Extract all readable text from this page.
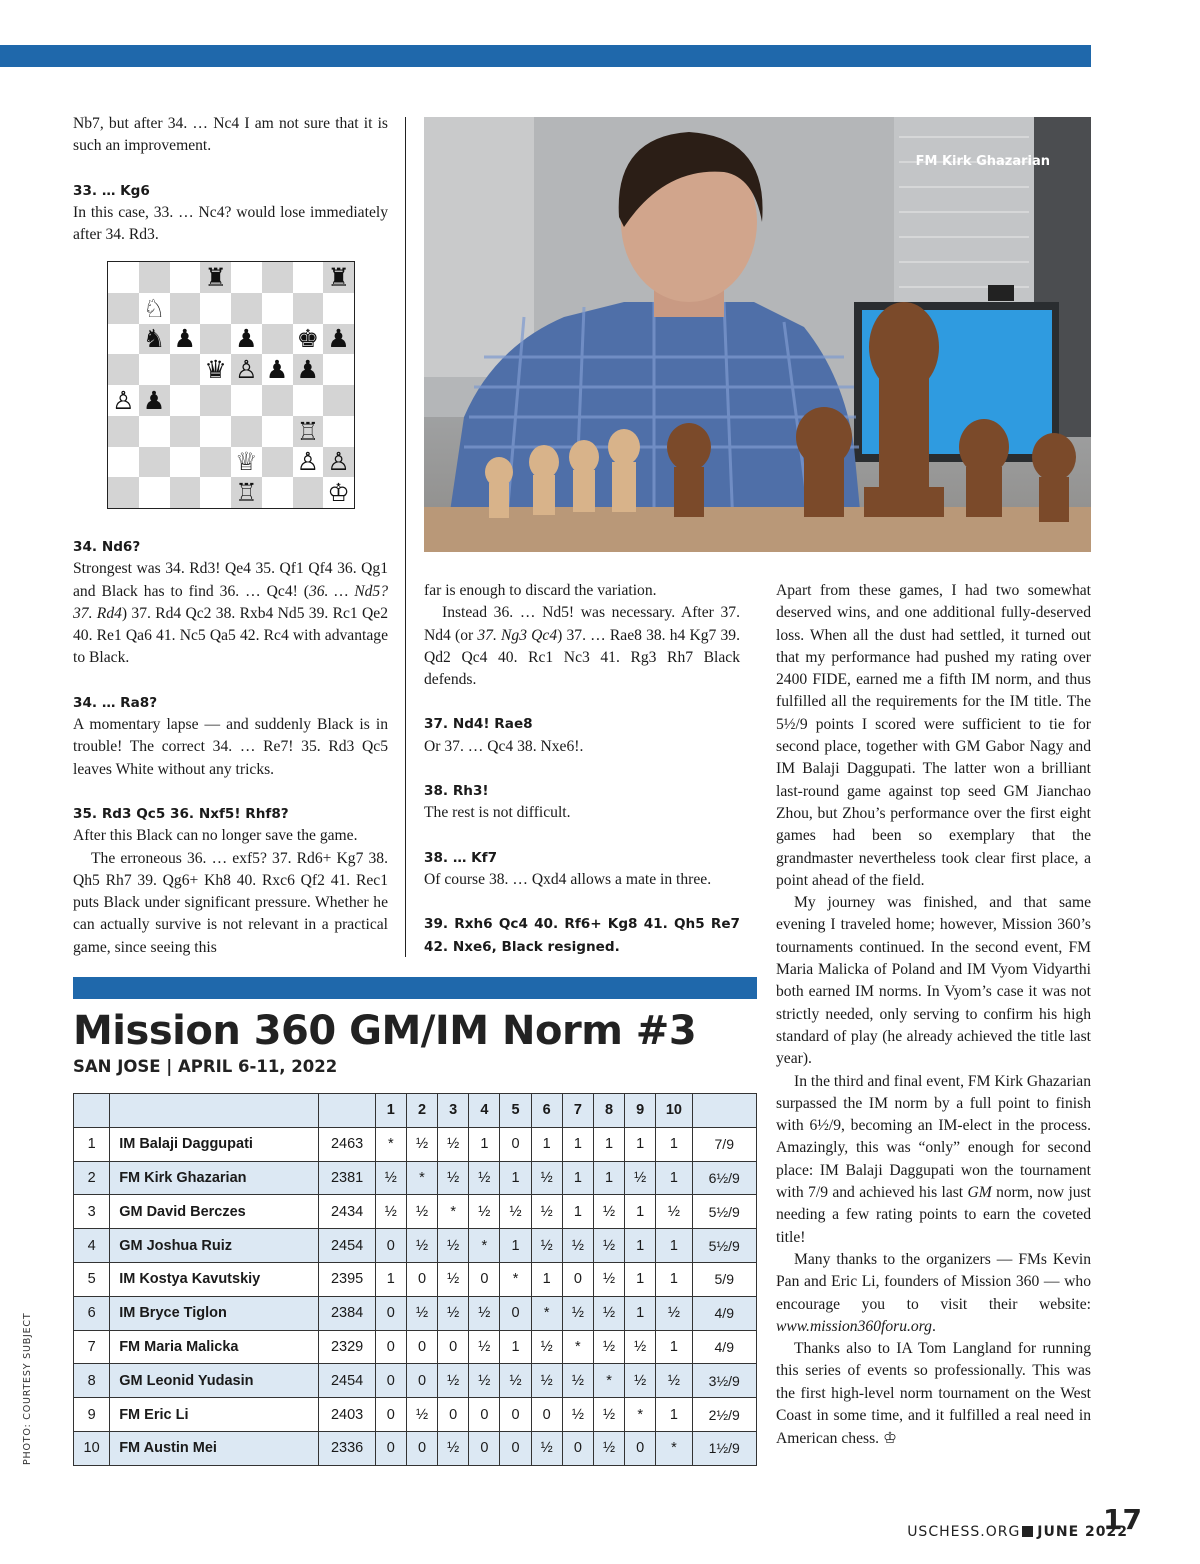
Nb7, but after 34. … Nc4 I am not sure that it is such an improvement.

33. … Kg6

In this case, 33. … Nc4? would lose immediately after 34. Rd3.

♜	♜
♘
♞ ♟ ♟ ♚ ♟
♛ ♙ ♟ ♟
♙ ♟
♖
♕ ♙ ♙
♖	♔

34. Nd6?

Strongest was 34. Rd3! Qe4 35. Qf1 Qf4 36. Qg1 and Black has to find 36. … Qc4! (36. … Nd5? 37. Rd4) 37. Rd4 Qc2 38. Rxb4 Nd5 39. Rc1 Qe2 40. Re1 Qa6 41. Nc5 Qa5 42. Rc4 with advantage to Black.

34. … Ra8?

A momentary lapse — and suddenly Black is in trouble! The correct 34. … Re7! 35. Rd3 Qc5 leaves White without any tricks.

35. Rd3 Qc5 36. Nxf5! Rhf8?

After this Black can no longer save the game.

The erroneous 36. … exf5? 37. Rd6+ Kg7 38. Qh5 Rh7 39. Qg6+ Kh8 40. Rxc6 Qf2 41. Rec1 puts Black under significant pressure. Whether he can actually survive is not relevant in a practical game, since seeing this

FM Kirk Ghazarian

far is enough to discard the variation.

Instead 36. … Nd5! was necessary. After 37. Nd4 (or 37. Ng3 Qc4) 37. … Rae8 38. h4 Kg7 39. Qd2 Qc4 40. Rc1 Nc3 41. Rg3 Rh7 Black defends.

37. Nd4! Rae8

Or 37. … Qc4 38. Nxe6!.

38. Rh3!

The rest is not difficult.

38. … Kf7

Of course 38. … Qxd4 allows a mate in three.

39. Rxh6 Qc4 40. Rf6+ Kg8 41. Qh5 Re7 42. Nxe6, Black resigned.

Apart from these games, I had two somewhat deserved wins, and one additional fully-deserved loss. When all the dust had settled, it turned out that my performance had pushed my rating over 2400 FIDE, earned me a fifth IM norm, and thus fulfilled all the requirements for the IM title. The 5½/9 points I scored were sufficient to tie for second place, together with GM Gabor Nagy and IM Balaji Daggupati. The latter won a brilliant last-round game against top seed GM Jianchao Zhou, but Zhou’s performance over the first eight games had been so exemplary that the grandmaster nevertheless took clear first place, a point ahead of the field.

My journey was finished, and that same evening I traveled home; however, Mission 360’s tournaments continued. In the second event, FM Maria Malicka of Poland and IM Vyom Vidyarthi both earned IM norms. In Vyom’s case it was not strictly needed, only serving to confirm his high standard of play (he already achieved the title last year).

In the third and final event, FM Kirk Ghazarian surpassed the IM norm by a full point to finish with 6½/9, becoming an IM-elect in the process. Amazingly, this was “only” enough for second place: IM Balaji Daggupati won the tournament with 7/9 and achieved his last GM norm, now just needing a few rating points to earn the coveted title!

Many thanks to the organizers — FMs Kevin Pan and Eric Li, founders of Mission 360 — who encourage you to visit their website: www.mission360foru.org.

Thanks also to IA Tom Langland for running this series of events so professionally. This was the first high-level norm tournament on the West Coast in some time, and it fulfilled a real need in American chess. ♔

Mission 360 GM/IM Norm #3
SAN JOSE | APRIL 6-11, 2022
			1	2	3	4	5	6	7	8	9	10	
1	IM Balaji Daggupati	2463	*	½	½	1	0	1	1	1	1	1	7/9
2	FM Kirk Ghazarian	2381	½	*	½	½	1	½	1	1	½	1	6½/9
3	GM David Berczes	2434	½	½	*	½	½	½	1	½	1	½	5½/9
4	GM Joshua Ruiz	2454	0	½	½	*	1	½	½	½	1	1	5½/9
5	IM Kostya Kavutskiy	2395	1	0	½	0	*	1	0	½	1	1	5/9
6	IM Bryce Tiglon	2384	0	½	½	½	0	*	½	½	1	½	4/9
7	FM Maria Malicka	2329	0	0	0	½	1	½	*	½	½	1	4/9
8	GM Leonid Yudasin	2454	0	0	½	½	½	½	½	*	½	½	3½/9
9	FM Eric Li	2403	0	½	0	0	0	0	½	½	*	1	2½/9
10	FM Austin Mei	2336	0	0	½	0	0	½	0	½	0	*	1½/9
PHOTO: COURTESY SUBJECT
USCHESS.ORG JUNE 2022
17
